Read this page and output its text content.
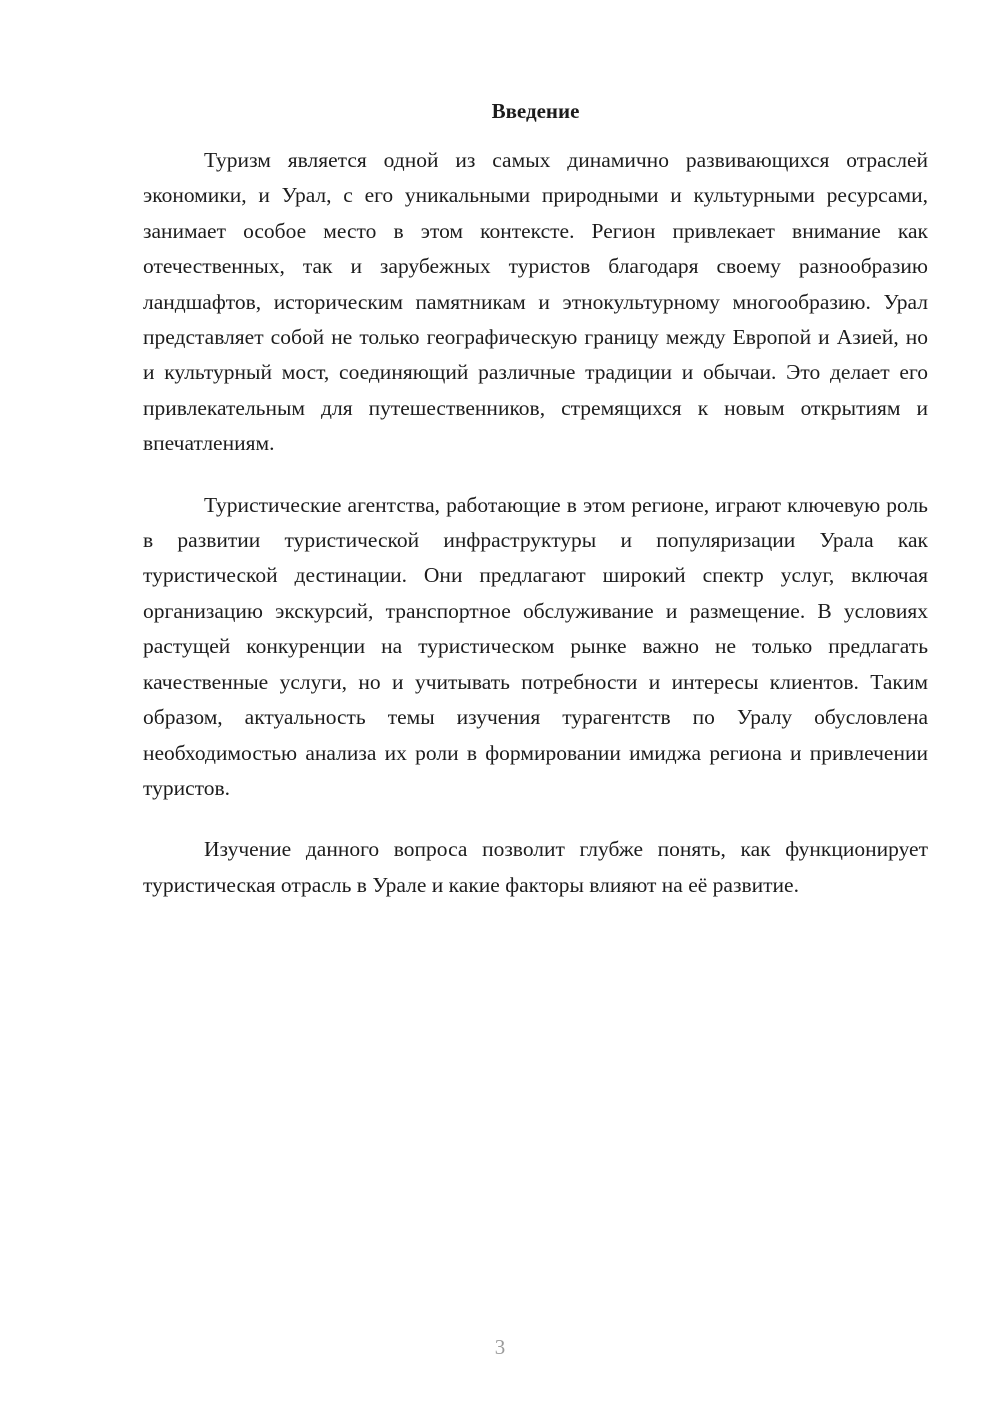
Введение

Туризм является одной из самых динамично развивающихся отраслей экономики, и Урал, с его уникальными природными и культурными ресурсами, занимает особое место в этом контексте. Регион привлекает внимание как отечественных, так и зарубежных туристов благодаря своему разнообразию ландшафтов, историческим памятникам и этнокультурному многообразию. Урал представляет собой не только географическую границу между Европой и Азией, но и культурный мост, соединяющий различные традиции и обычаи. Это делает его привлекательным для путешественников, стремящихся к новым открытиям и впечатлениям.

Туристические агентства, работающие в этом регионе, играют ключевую роль в развитии туристической инфраструктуры и популяризации Урала как туристической дестинации. Они предлагают широкий спектр услуг, включая организацию экскурсий, транспортное обслуживание и размещение. В условиях растущей конкуренции на туристическом рынке важно не только предлагать качественные услуги, но и учитывать потребности и интересы клиентов. Таким образом, актуальность темы изучения турагентств по Уралу обусловлена необходимостью анализа их роли в формировании имиджа региона и привлечении туристов.

Изучение данного вопроса позволит глубже понять, как функционирует туристическая отрасль в Урале и какие факторы влияют на её развитие.

3
